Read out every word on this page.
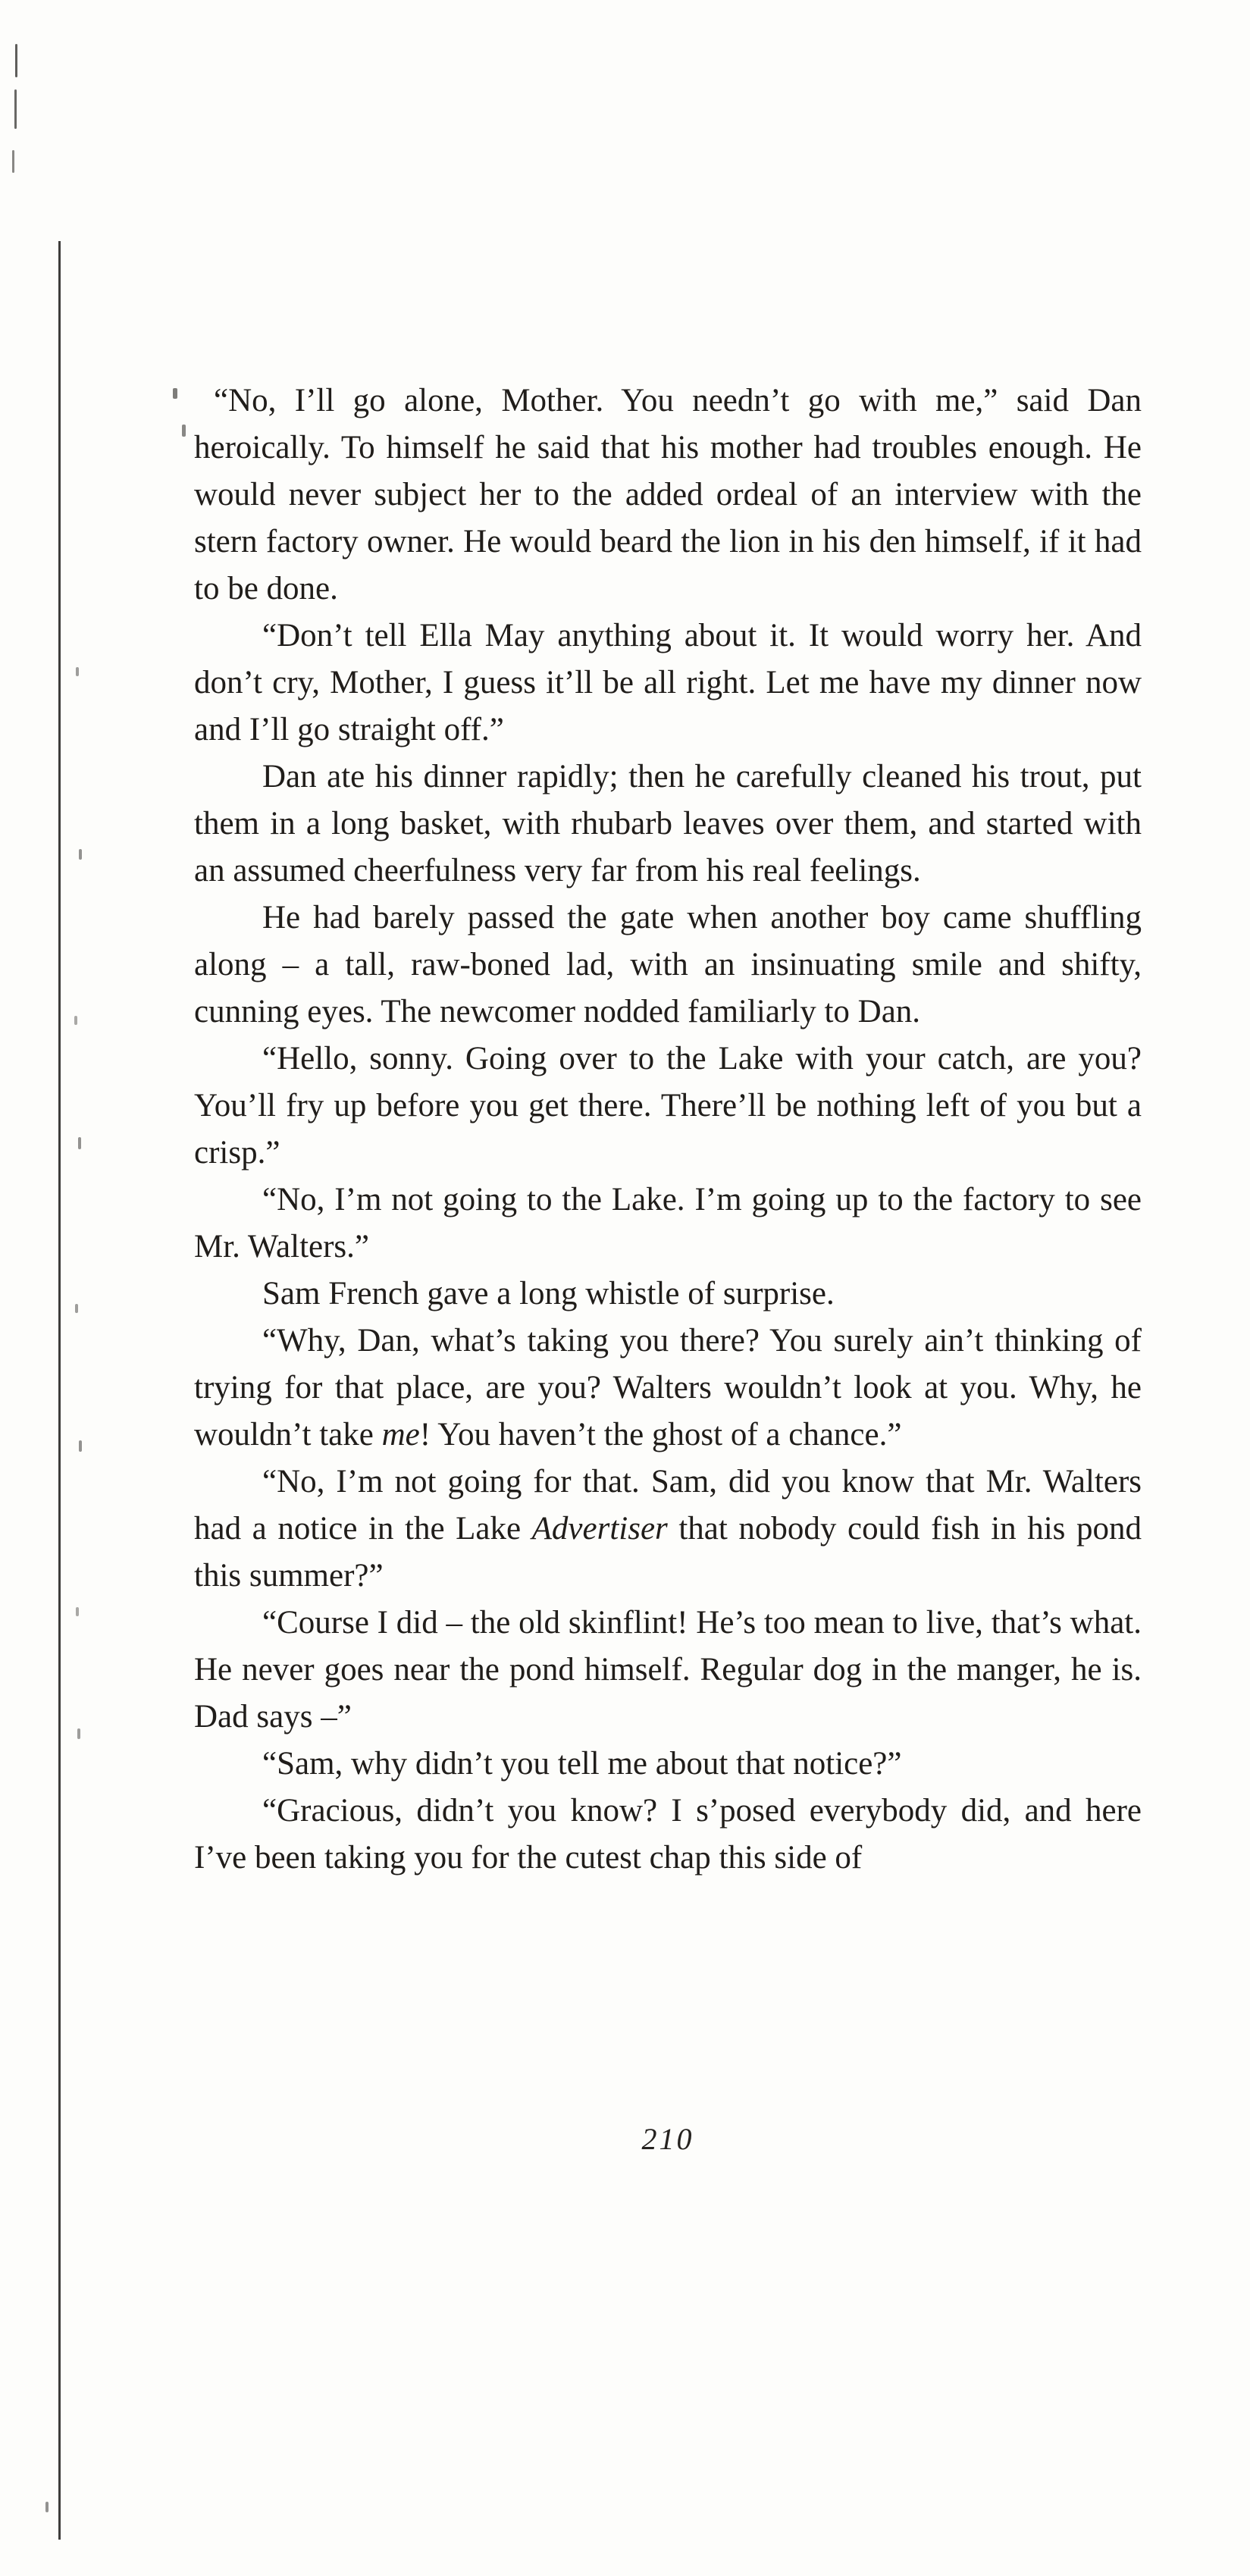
“No, I’ll go alone, Mother. You needn’t go with me,” said Dan heroically. To himself he said that his mother had troubles enough. He would never subject her to the added ordeal of an interview with the stern factory owner. He would beard the lion in his den himself, if it had to be done.

“Don’t tell Ella May anything about it. It would worry her. And don’t cry, Mother, I guess it’ll be all right. Let me have my dinner now and I’ll go straight off.”

Dan ate his dinner rapidly; then he carefully cleaned his trout, put them in a long basket, with rhubarb leaves over them, and started with an assumed cheerfulness very far from his real feelings.

He had barely passed the gate when another boy came shuffling along – a tall, raw-boned lad, with an insinuating smile and shifty, cunning eyes. The newcomer nodded familiarly to Dan.

“Hello, sonny. Going over to the Lake with your catch, are you? You’ll fry up before you get there. There’ll be nothing left of you but a crisp.”

“No, I’m not going to the Lake. I’m going up to the factory to see Mr. Walters.”

Sam French gave a long whistle of surprise.

“Why, Dan, what’s taking you there? You surely ain’t thinking of trying for that place, are you? Walters wouldn’t look at you. Why, he wouldn’t take me! You haven’t the ghost of a chance.”

“No, I’m not going for that. Sam, did you know that Mr. Walters had a notice in the Lake Advertiser that nobody could fish in his pond this summer?”

“Course I did – the old skinflint! He’s too mean to live, that’s what. He never goes near the pond himself. Regular dog in the manger, he is. Dad says –”

“Sam, why didn’t you tell me about that notice?”

“Gracious, didn’t you know? I s’posed everybody did, and here I’ve been taking you for the cutest chap this side of

210
